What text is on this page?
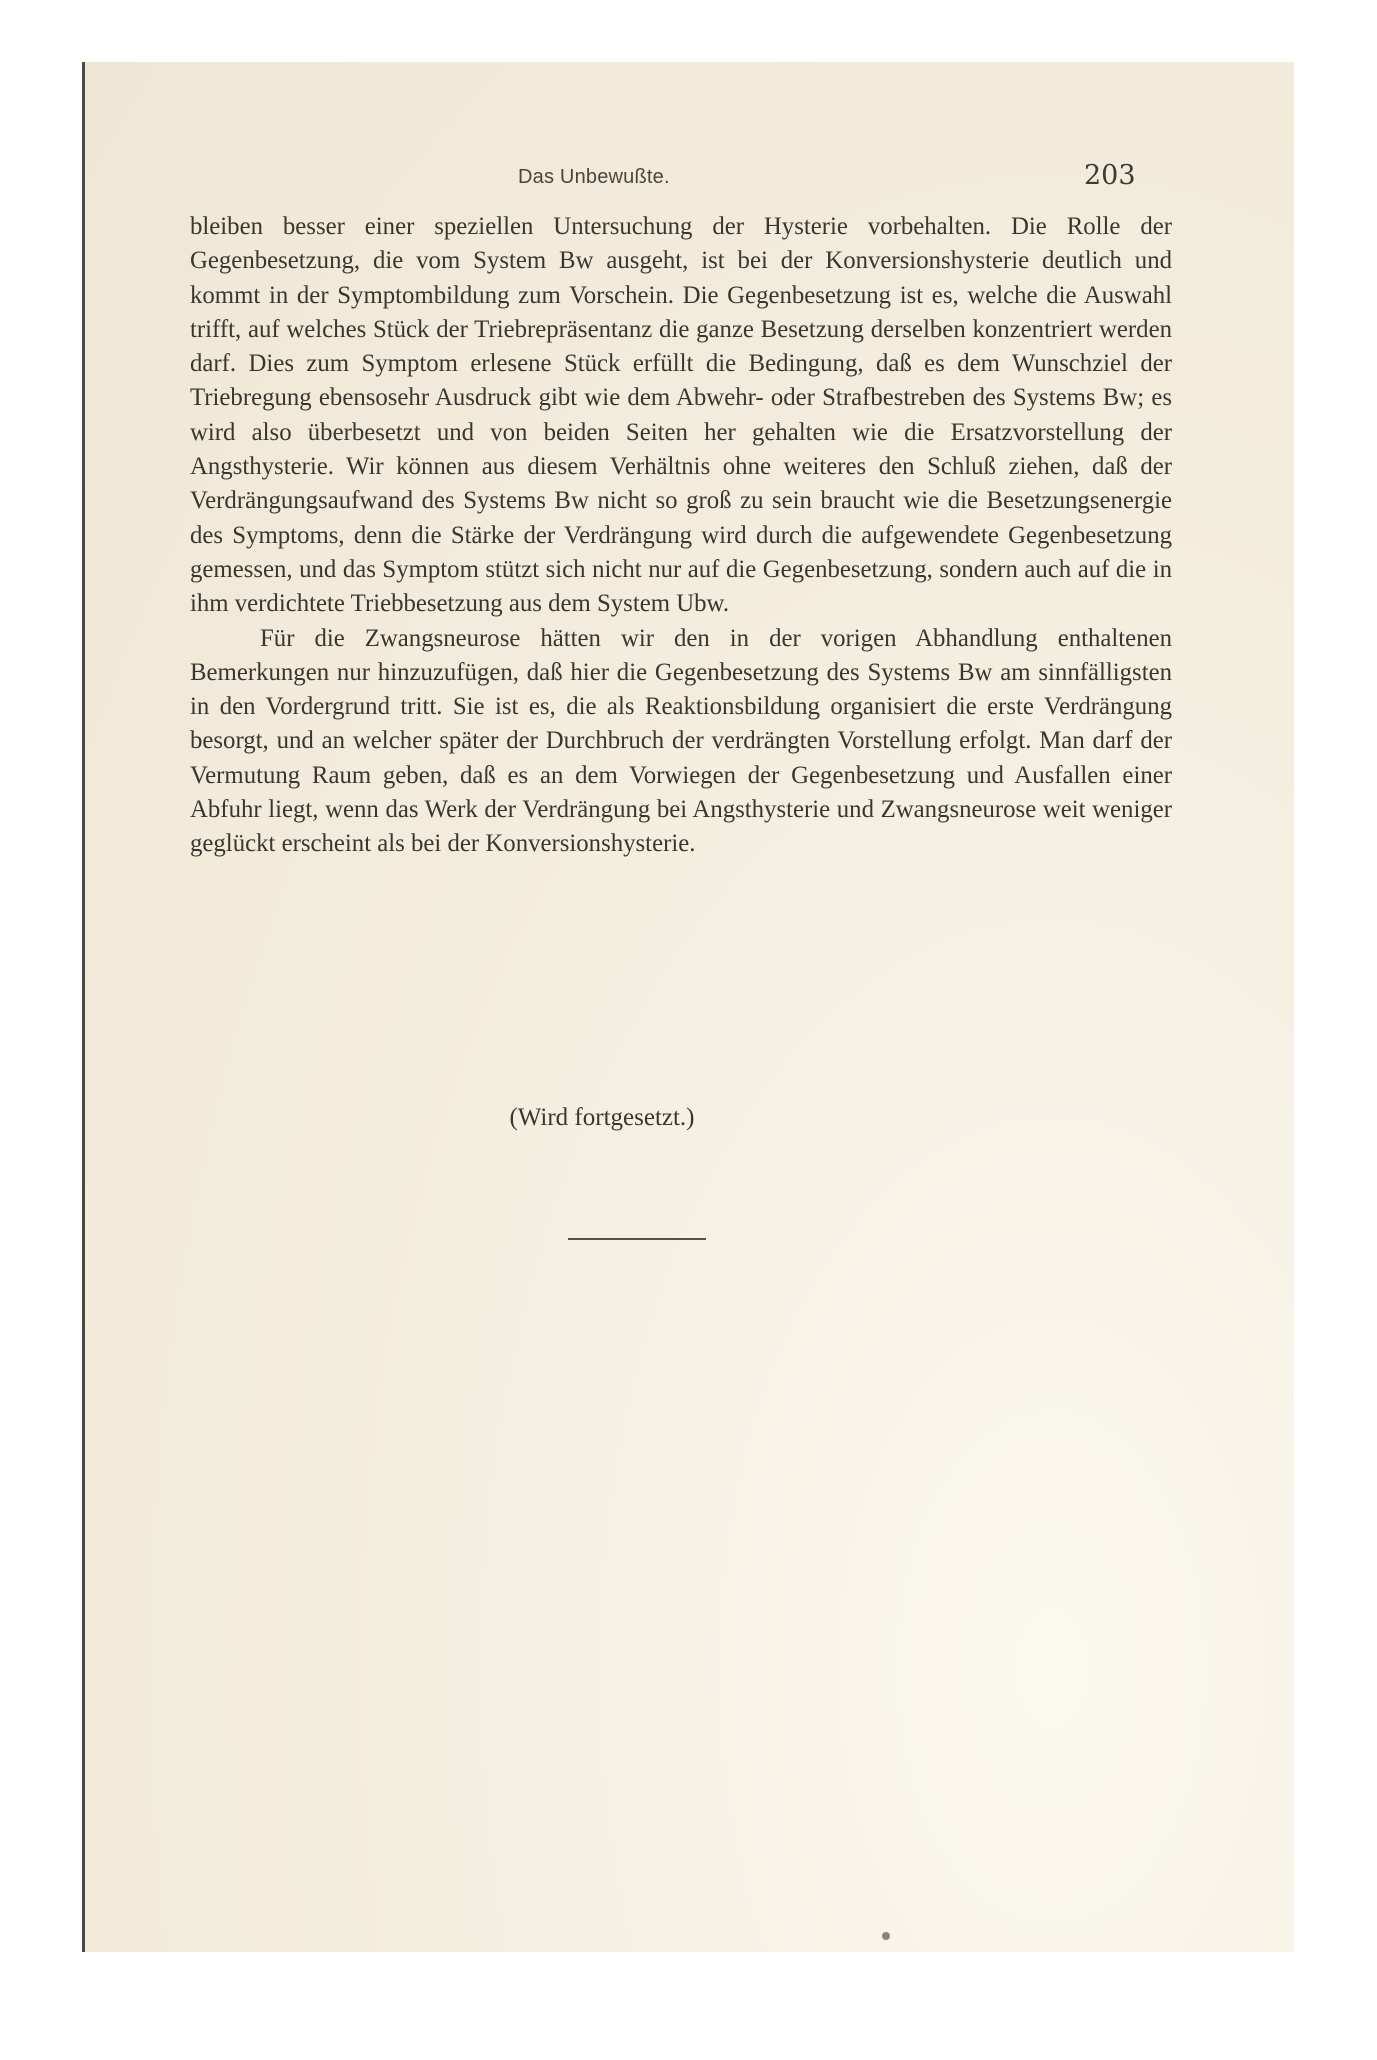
Das Unbewußte.	203

bleiben besser einer speziellen Untersuchung der Hysterie vorbehalten. Die Rolle der Gegenbesetzung, die vom System Bw ausgeht, ist bei der Konversionshysterie deutlich und kommt in der Symptombildung zum Vorschein. Die Gegenbesetzung ist es, welche die Auswahl trifft, auf welches Stück der Triebrepräsentanz die ganze Besetzung derselben konzentriert werden darf. Dies zum Symptom erlesene Stück erfüllt die Bedingung, daß es dem Wunschziel der Triebregung ebensosehr Ausdruck gibt wie dem Abwehr- oder Strafbestreben des Systems Bw; es wird also überbesetzt und von beiden Seiten her gehalten wie die Ersatzvorstellung der Angsthysterie. Wir können aus diesem Verhältnis ohne weiteres den Schluß ziehen, daß der Verdrängungsaufwand des Systems Bw nicht so groß zu sein braucht wie die Besetzungsenergie des Symptoms, denn die Stärke der Verdrängung wird durch die aufgewendete Gegenbesetzung gemessen, und das Symptom stützt sich nicht nur auf die Gegenbesetzung, sondern auch auf die in ihm verdichtete Triebbesetzung aus dem System Ubw.

Für die Zwangsneurose hätten wir den in der vorigen Abhandlung enthaltenen Bemerkungen nur hinzuzufügen, daß hier die Gegenbesetzung des Systems Bw am sinnfälligsten in den Vordergrund tritt. Sie ist es, die als Reaktionsbildung organisiert die erste Verdrängung besorgt, und an welcher später der Durchbruch der verdrängten Vorstellung erfolgt. Man darf der Vermutung Raum geben, daß es an dem Vorwiegen der Gegenbesetzung und Ausfallen einer Abfuhr liegt, wenn das Werk der Verdrängung bei Angsthysterie und Zwangsneurose weit weniger geglückt erscheint als bei der Konversionshysterie.

(Wird fortgesetzt.)
